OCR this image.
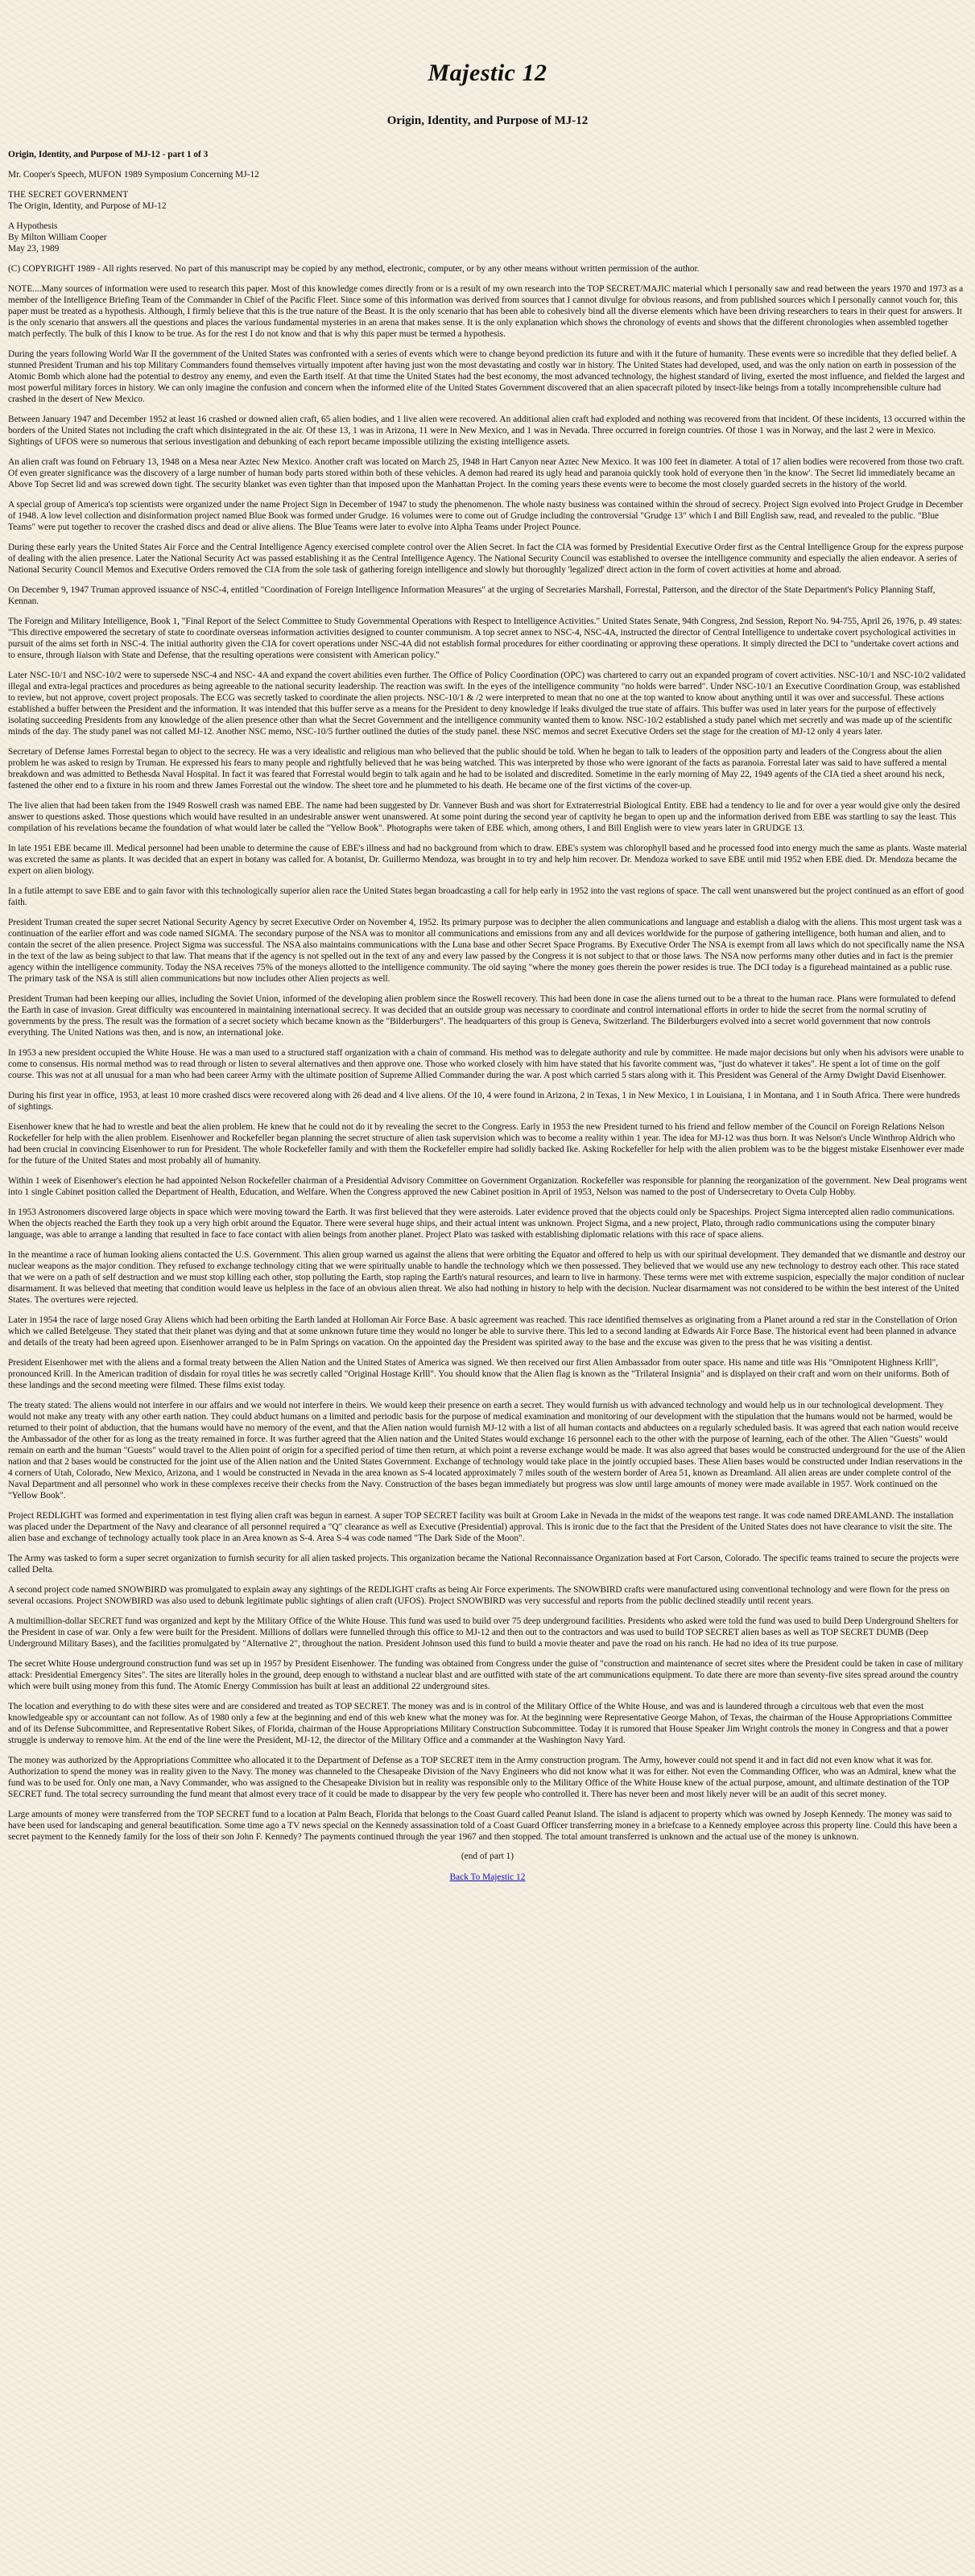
Majestic 12
Origin, Identity, and Purpose of MJ-12

Origin, Identity, and Purpose of MJ-12 - part 1 of 3

Mr. Cooper's Speech, MUFON 1989 Symposium Concerning MJ-12

THE SECRET GOVERNMENT
The Origin, Identity, and Purpose of MJ-12

A Hypothesis
By Milton William Cooper
May 23, 1989

(C) COPYRIGHT 1989 - All rights reserved. No part of this manuscript may be copied by any method, electronic, computer, or by any other means without written permission of the author.

NOTE....Many sources of information were used to research this paper. Most of this knowledge comes directly from or is a result of my own research into the TOP SECRET/MAJIC material which I personally saw and read between the years 1970 and 1973 as a member of the Intelligence Briefing Team of the Commander in Chief of the Pacific Fleet. Since some of this information was derived from sources that I cannot divulge for obvious reasons, and from published sources which I personally cannot vouch for, this paper must be treated as a hypothesis. Although, I firmly believe that this is the true nature of the Beast. It is the only scenario that has been able to cohesively bind all the diverse elements which have been driving researchers to tears in their quest for answers. It is the only scenario that answers all the questions and places the various fundamental mysteries in an arena that makes sense. It is the only explanation which shows the chronology of events and shows that the different chronologies when assembled together match perfectly. The bulk of this I know to be true. As for the rest I do not know and that is why this paper must be termed a hypothesis.

During the years following World War II the government of the United States was confronted with a series of events which were to change beyond prediction its future and with it the future of humanity. These events were so incredible that they defied belief. A stunned President Truman and his top Military Commanders found themselves virtually impotent after having just won the most devastating and costly war in history. The United States had developed, used, and was the only nation on earth in possession of the Atomic Bomb which alone had the potential to destroy any enemy, and even the Earth itself. At that time the United States had the best economy, the most advanced technology, the highest standard of living, exerted the most influence, and fielded the largest and most powerful military forces in history. We can only imagine the confusion and concern when the informed elite of the United States Government discovered that an alien spacecraft piloted by insect-like beings from a totally incomprehensible culture had crashed in the desert of New Mexico.

Between January 1947 and December 1952 at least 16 crashed or downed alien craft, 65 alien bodies, and 1 live alien were recovered. An additional alien craft had exploded and nothing was recovered from that incident. Of these incidents, 13 occurred within the borders of the United States not including the craft which disintegrated in the air. Of these 13, 1 was in Arizona, 11 were in New Mexico, and 1 was in Nevada. Three occurred in foreign countries. Of those 1 was in Norway, and the last 2 were in Mexico. Sightings of UFOS were so numerous that serious investigation and debunking of each report became impossible utilizing the existing intelligence assets.

An alien craft was found on February 13, 1948 on a Mesa near Aztec New Mexico. Another craft was located on March 25, 1948 in Hart Canyon near Aztec New Mexico. It was 100 feet in diameter. A total of 17 alien bodies were recovered from those two craft. Of even greater significance was the discovery of a large number of human body parts stored within both of these vehicles. A demon had reared its ugly head and paranoia quickly took hold of everyone then 'in the know'. The Secret lid immediately became an Above Top Secret lid and was screwed down tight. The security blanket was even tighter than that imposed upon the Manhattan Project. In the coming years these events were to become the most closely guarded secrets in the history of the world.

A special group of America's top scientists were organized under the name Project Sign in December of 1947 to study the phenomenon. The whole nasty business was contained within the shroud of secrecy. Project Sign evolved into Project Grudge in December of 1948. A low level collection and disinformation project named Blue Book was formed under Grudge. 16 volumes were to come out of Grudge including the controversial "Grudge 13" which I and Bill English saw, read, and revealed to the public. "Blue Teams" were put together to recover the crashed discs and dead or alive aliens. The Blue Teams were later to evolve into Alpha Teams under Project Pounce.

During these early years the United States Air Force and the Central Intelligence Agency exercised complete control over the Alien Secret. In fact the CIA was formed by Presidential Executive Order first as the Central Intelligence Group for the express purpose of dealing with the alien presence. Later the National Security Act was passed establishing it as the Central Intelligence Agency. The National Security Council was established to oversee the intelligence community and especially the alien endeavor. A series of National Security Council Memos and Executive Orders removed the CIA from the sole task of gathering foreign intelligence and slowly but thoroughly 'legalized' direct action in the form of covert activities at home and abroad.

On December 9, 1947 Truman approved issuance of NSC-4, entitled "Coordination of Foreign Intelligence Information Measures" at the urging of Secretaries Marshall, Forrestal, Patterson, and the director of the State Department's Policy Planning Staff, Kennan.

The Foreign and Military Intelligence, Book 1, "Final Report of the Select Committee to Study Governmental Operations with Respect to Intelligence Activities." United States Senate, 94th Congress, 2nd Session, Report No. 94-755, April 26, 1976, p. 49 states: "This directive empowered the secretary of state to coordinate overseas information activities designed to counter communism. A top secret annex to NSC-4, NSC-4A, instructed the director of Central Intelligence to undertake covert psychological activities in pursuit of the aims set forth in NSC-4. The initial authority given the CIA for covert operations under NSC-4A did not establish formal procedures for either coordinating or approving these operations. It simply directed the DCI to "undertake covert actions and to ensure, through liaison with State and Defense, that the resulting operations were consistent with American policy."

Later NSC-10/1 and NSC-10/2 were to supersede NSC-4 and NSC- 4A and expand the covert abilities even further. The Office of Policy Coordination (OPC) was chartered to carry out an expanded program of covert activities. NSC-10/1 and NSC-10/2 validated illegal and extra-legal practices and procedures as being agreeable to the national security leadership. The reaction was swift. In the eyes of the intelligence community "no holds were barred". Under NSC-10/1 an Executive Coordination Group, was established to review, but not approve, covert project proposals. The ECG was secretly tasked to coordinate the alien projects. NSC-10/1 & /2 were interpreted to mean that no one at the top wanted to know about anything until it was over and successful. These actions established a buffer between the President and the information. It was intended that this buffer serve as a means for the President to deny knowledge if leaks divulged the true state of affairs. This buffer was used in later years for the purpose of effectively isolating succeeding Presidents from any knowledge of the alien presence other than what the Secret Government and the intelligence community wanted them to know. NSC-10/2 established a study panel which met secretly and was made up of the scientific minds of the day. The study panel was not called MJ-12. Another NSC memo, NSC-10/5 further outlined the duties of the study panel. these NSC memos and secret Executive Orders set the stage for the creation of MJ-12 only 4 years later.

Secretary of Defense James Forrestal began to object to the secrecy. He was a very idealistic and religious man who believed that the public should be told. When he began to talk to leaders of the opposition party and leaders of the Congress about the alien problem he was asked to resign by Truman. He expressed his fears to many people and rightfully believed that he was being watched. This was interpreted by those who were ignorant of the facts as paranoia. Forrestal later was said to have suffered a mental breakdown and was admitted to Bethesda Naval Hospital. In fact it was feared that Forrestal would begin to talk again and he had to be isolated and discredited. Sometime in the early morning of May 22, 1949 agents of the CIA tied a sheet around his neck, fastened the other end to a fixture in his room and threw James Forrestal out the window. The sheet tore and he plummeted to his death. He became one of the first victims of the cover-up.

The live alien that had been taken from the 1949 Roswell crash was named EBE. The name had been suggested by Dr. Vannever Bush and was short for Extraterrestrial Biological Entity. EBE had a tendency to lie and for over a year would give only the desired answer to questions asked. Those questions which would have resulted in an undesirable answer went unanswered. At some point during the second year of captivity he began to open up and the information derived from EBE was startling to say the least. This compilation of his revelations became the foundation of what would later be called the "Yellow Book". Photographs were taken of EBE which, among others, I and Bill English were to view years later in GRUDGE 13.

In late 1951 EBE became ill. Medical personnel had been unable to determine the cause of EBE's illness and had no background from which to draw. EBE's system was chlorophyll based and he processed food into energy much the same as plants. Waste material was excreted the same as plants. It was decided that an expert in botany was called for. A botanist, Dr. Guillermo Mendoza, was brought in to try and help him recover. Dr. Mendoza worked to save EBE until mid 1952 when EBE died. Dr. Mendoza became the expert on alien biology.

In a futile attempt to save EBE and to gain favor with this technologically superior alien race the United States began broadcasting a call for help early in 1952 into the vast regions of space. The call went unanswered but the project continued as an effort of good faith.

President Truman created the super secret National Security Agency by secret Executive Order on November 4, 1952. Its primary purpose was to decipher the alien communications and language and establish a dialog with the aliens. This most urgent task was a continuation of the earlier effort and was code named SIGMA. The secondary purpose of the NSA was to monitor all communications and emissions from any and all devices worldwide for the purpose of gathering intelligence, both human and alien, and to contain the secret of the alien presence. Project Sigma was successful. The NSA also maintains communications with the Luna base and other Secret Space Programs. By Executive Order The NSA is exempt from all laws which do not specifically name the NSA in the text of the law as being subject to that law. That means that if the agency is not spelled out in the text of any and every law passed by the Congress it is not subject to that or those laws. The NSA now performs many other duties and in fact is the premier agency within the intelligence community. Today the NSA receives 75% of the moneys allotted to the intelligence community. The old saying "where the money goes therein the power resides is true. The DCI today is a figurehead maintained as a public ruse. The primary task of the NSA is still alien communications but now includes other Alien projects as well.

President Truman had been keeping our allies, including the Soviet Union, informed of the developing alien problem since the Roswell recovery. This had been done in case the aliens turned out to be a threat to the human race. Plans were formulated to defend the Earth in case of invasion. Great difficulty was encountered in maintaining international secrecy. It was decided that an outside group was necessary to coordinate and control international efforts in order to hide the secret from the normal scrutiny of governments by the press. The result was the formation of a secret society which became known as the "Bilderburgers". The headquarters of this group is Geneva, Switzerland. The Bilderburgers evolved into a secret world government that now controls everything. The United Nations was then, and is now, an international joke.

In 1953 a new president occupied the White House. He was a man used to a structured staff organization with a chain of command. His method was to delegate authority and rule by committee. He made major decisions but only when his advisors were unable to come to consensus. His normal method was to read through or listen to several alternatives and then approve one. Those who worked closely with him have stated that his favorite comment was, "just do whatever it takes". He spent a lot of time on the golf course. This was not at all unusual for a man who had been career Army with the ultimate position of Supreme Allied Commander during the war. A post which carried 5 stars along with it. This President was General of the Army Dwight David Eisenhower.

During his first year in office, 1953, at least 10 more crashed discs were recovered along with 26 dead and 4 live aliens. Of the 10, 4 were found in Arizona, 2 in Texas, 1 in New Mexico, 1 in Louisiana, 1 in Montana, and 1 in South Africa. There were hundreds of sightings.

Eisenhower knew that he had to wrestle and beat the alien problem. He knew that he could not do it by revealing the secret to the Congress. Early in 1953 the new President turned to his friend and fellow member of the Council on Foreign Relations Nelson Rockefeller for help with the alien problem. Eisenhower and Rockefeller began planning the secret structure of alien task supervision which was to become a reality within 1 year. The idea for MJ-12 was thus born. It was Nelson's Uncle Winthrop Aldrich who had been crucial in convincing Eisenhower to run for President. The whole Rockefeller family and with them the Rockefeller empire had solidly backed Ike. Asking Rockefeller for help with the alien problem was to be the biggest mistake Eisenhower ever made for the future of the United States and most probably all of humanity.

Within 1 week of Eisenhower's election he had appointed Nelson Rockefeller chairman of a Presidential Advisory Committee on Government Organization. Rockefeller was responsible for planning the reorganization of the government. New Deal programs went into 1 single Cabinet position called the Department of Health, Education, and Welfare. When the Congress approved the new Cabinet position in April of 1953, Nelson was named to the post of Undersecretary to Oveta Culp Hobby.

In 1953 Astronomers discovered large objects in space which were moving toward the Earth. It was first believed that they were asteroids. Later evidence proved that the objects could only be Spaceships. Project Sigma intercepted alien radio communications. When the objects reached the Earth they took up a very high orbit around the Equator. There were several huge ships, and their actual intent was unknown. Project Sigma, and a new project, Plato, through radio communications using the computer binary language, was able to arrange a landing that resulted in face to face contact with alien beings from another planet. Project Plato was tasked with establishing diplomatic relations with this race of space aliens.

In the meantime a race of human looking aliens contacted the U.S. Government. This alien group warned us against the aliens that were orbiting the Equator and offered to help us with our spiritual development. They demanded that we dismantle and destroy our nuclear weapons as the major condition. They refused to exchange technology citing that we were spiritually unable to handle the technology which we then possessed. They believed that we would use any new technology to destroy each other. This race stated that we were on a path of self destruction and we must stop killing each other, stop polluting the Earth, stop raping the Earth's natural resources, and learn to live in harmony. These terms were met with extreme suspicion, especially the major condition of nuclear disarmament. It was believed that meeting that condition would leave us helpless in the face of an obvious alien threat. We also had nothing in history to help with the decision. Nuclear disarmament was not considered to be within the best interest of the United States. The overtures were rejected.

Later in 1954 the race of large nosed Gray Aliens which had been orbiting the Earth landed at Holloman Air Force Base. A basic agreement was reached. This race identified themselves as originating from a Planet around a red star in the Constellation of Orion which we called Betelgeuse. They stated that their planet was dying and that at some unknown future time they would no longer be able to survive there. This led to a second landing at Edwards Air Force Base. The historical event had been planned in advance and details of the treaty had been agreed upon. Eisenhower arranged to be in Palm Springs on vacation. On the appointed day the President was spirited away to the base and the excuse was given to the press that he was visiting a dentist.

President Eisenhower met with the aliens and a formal treaty between the Alien Nation and the United States of America was signed. We then received our first Alien Ambassador from outer space. His name and title was His "Omnipotent Highness Krlll", pronounced Krill. In the American tradition of disdain for royal titles he was secretly called "Original Hostage Krlll". You should know that the Alien flag is known as the "Trilateral Insignia" and is displayed on their craft and worn on their uniforms. Both of these landings and the second meeting were filmed. These films exist today.

The treaty stated: The aliens would not interfere in our affairs and we would not interfere in theirs. We would keep their presence on earth a secret. They would furnish us with advanced technology and would help us in our technological development. They would not make any treaty with any other earth nation. They could abduct humans on a limited and periodic basis for the purpose of medical examination and monitoring of our development with the stipulation that the humans would not be harmed, would be returned to their point of abduction, that the humans would have no memory of the event, and that the Alien nation would furnish MJ-12 with a list of all human contacts and abductees on a regularly scheduled basis. It was agreed that each nation would receive the Ambassador of the other for as long as the treaty remained in force. It was further agreed that the Alien nation and the United States would exchange 16 personnel each to the other with the purpose of learning, each of the other. The Alien "Guests" would remain on earth and the human "Guests" would travel to the Alien point of origin for a specified period of time then return, at which point a reverse exchange would be made. It was also agreed that bases would be constructed underground for the use of the Alien nation and that 2 bases would be constructed for the joint use of the Alien nation and the United States Government. Exchange of technology would take place in the jointly occupied bases. These Alien bases would be constructed under Indian reservations in the 4 corners of Utah, Colorado, New Mexico, Arizona, and 1 would be constructed in Nevada in the area known as S-4 located approximately 7 miles south of the western border of Area 51, known as Dreamland. All alien areas are under complete control of the Naval Department and all personnel who work in these complexes receive their checks from the Navy. Construction of the bases began immediately but progress was slow until large amounts of money were made available in 1957. Work continued on the "Yellow Book".

Project REDLIGHT was formed and experimentation in test flying alien craft was begun in earnest. A super TOP SECRET facility was built at Groom Lake in Nevada in the midst of the weapons test range. It was code named DREAMLAND. The installation was placed under the Department of the Navy and clearance of all personnel required a "Q" clearance as well as Executive (Presidential) approval. This is ironic due to the fact that the President of the United States does not have clearance to visit the site. The alien base and exchange of technology actually took place in an Area known as S-4. Area S-4 was code named "The Dark Side of the Moon".

The Army was tasked to form a super secret organization to furnish security for all alien tasked projects. This organization became the National Reconnaissance Organization based at Fort Carson, Colorado. The specific teams trained to secure the projects were called Delta.

A second project code named SNOWBIRD was promulgated to explain away any sightings of the REDLIGHT crafts as being Air Force experiments. The SNOWBIRD crafts were manufactured using conventional technology and were flown for the press on several occasions. Project SNOWBIRD was also used to debunk legitimate public sightings of alien craft (UFOS). Project SNOWBIRD was very successful and reports from the public declined steadily until recent years.

A multimillion-dollar SECRET fund was organized and kept by the Military Office of the White House. This fund was used to build over 75 deep underground facilities. Presidents who asked were told the fund was used to build Deep Underground Shelters for the President in case of war. Only a few were built for the President. Millions of dollars were funnelled through this office to MJ-12 and then out to the contractors and was used to build TOP SECRET alien bases as well as TOP SECRET DUMB (Deep Underground Military Bases), and the facilities promulgated by "Alternative 2", throughout the nation. President Johnson used this fund to build a movie theater and pave the road on his ranch. He had no idea of its true purpose.

The secret White House underground construction fund was set up in 1957 by President Eisenhower. The funding was obtained from Congress under the guise of "construction and maintenance of secret sites where the President could be taken in case of military attack: Presidential Emergency Sites". The sites are literally holes in the ground, deep enough to withstand a nuclear blast and are outfitted with state of the art communications equipment. To date there are more than seventy-five sites spread around the country which were built using money from this fund. The Atomic Energy Commission has built at least an additional 22 underground sites.

The location and everything to do with these sites were and are considered and treated as TOP SECRET. The money was and is in control of the Military Office of the White House, and was and is laundered through a circuitous web that even the most knowledgeable spy or accountant can not follow. As of 1980 only a few at the beginning and end of this web knew what the money was for. At the beginning were Representative George Mahon, of Texas, the chairman of the House Appropriations Committee and of its Defense Subcommittee, and Representative Robert Sikes, of Florida, chairman of the House Appropriations Military Construction Subcommittee. Today it is rumored that House Speaker Jim Wright controls the money in Congress and that a power struggle is underway to remove him. At the end of the line were the President, MJ-12, the director of the Military Office and a commander at the Washington Navy Yard.

The money was authorized by the Appropriations Committee who allocated it to the Department of Defense as a TOP SECRET item in the Army construction program. The Army, however could not spend it and in fact did not even know what it was for. Authorization to spend the money was in reality given to the Navy. The money was channeled to the Chesapeake Division of the Navy Engineers who did not know what it was for either. Not even the Commanding Officer, who was an Admiral, knew what the fund was to be used for. Only one man, a Navy Commander, who was assigned to the Chesapeake Division but in reality was responsible only to the Military Office of the White House knew of the actual purpose, amount, and ultimate destination of the TOP SECRET fund. The total secrecy surrounding the fund meant that almost every trace of it could be made to disappear by the very few people who controlled it. There has never been and most likely never will be an audit of this secret money.

Large amounts of money were transferred from the TOP SECRET fund to a location at Palm Beach, Florida that belongs to the Coast Guard called Peanut Island. The island is adjacent to property which was owned by Joseph Kennedy. The money was said to have been used for landscaping and general beautification. Some time ago a TV news special on the Kennedy assassination told of a Coast Guard Officer transferring money in a briefcase to a Kennedy employee across this property line. Could this have been a secret payment to the Kennedy family for the loss of their son John F. Kennedy? The payments continued through the year 1967 and then stopped. The total amount transferred is unknown and the actual use of the money is unknown.

(end of part 1)
Back To Majestic 12
